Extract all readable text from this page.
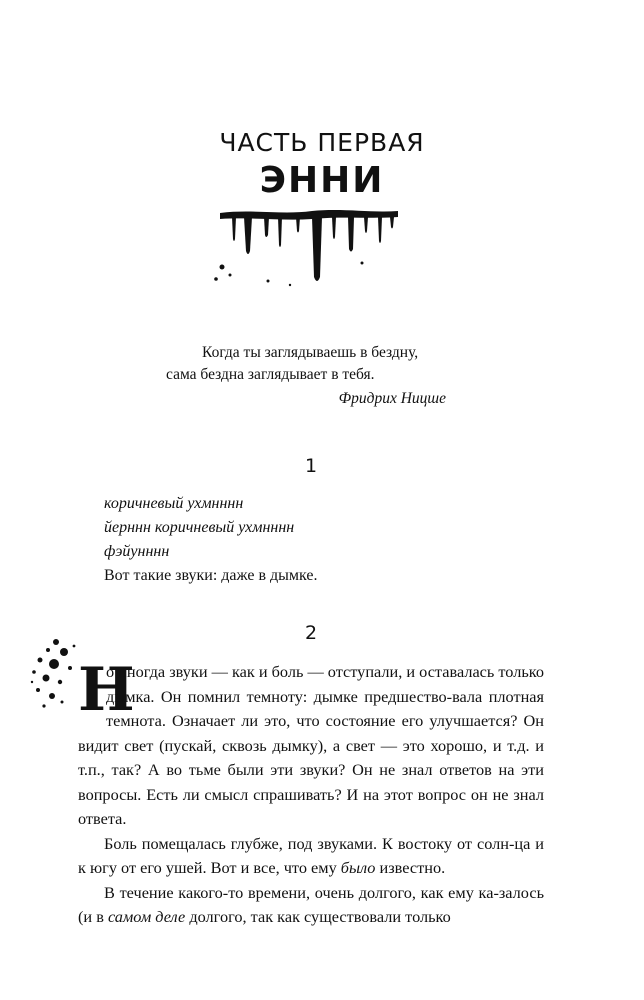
ЧАСТЬ ПЕРВАЯ
ЭННИ

Когда ты заглядываешь в бездну, сама бездна заглядывает в тебя.

Фридрих Ницше

1

коричневый ухмнннн

йерннн коричневый ухмнннн

фэйунннн

Вот такие звуки: даже в дымке.

2

Н
о иногда звуки — как и боль — отступали, и оставалась только дымка. Он помнил темноту: дымке предшество-вала плотная темнота. Означает ли это, что состояние его улучшается? Он видит свет (пускай, сквозь дымку), а свет — это хорошо, и т.д. и т.п., так? А во тьме были эти звуки? Он не знал ответов на эти вопросы. Есть ли смысл спрашивать? И на этот вопрос он не знал ответа.

Боль помещалась глубже, под звуками. К востоку от солн-ца и к югу от его ушей. Вот и все, что ему было известно.

В течение какого-то времени, очень долгого, как ему ка-залось (и в самом деле долгого, так как существовали только
